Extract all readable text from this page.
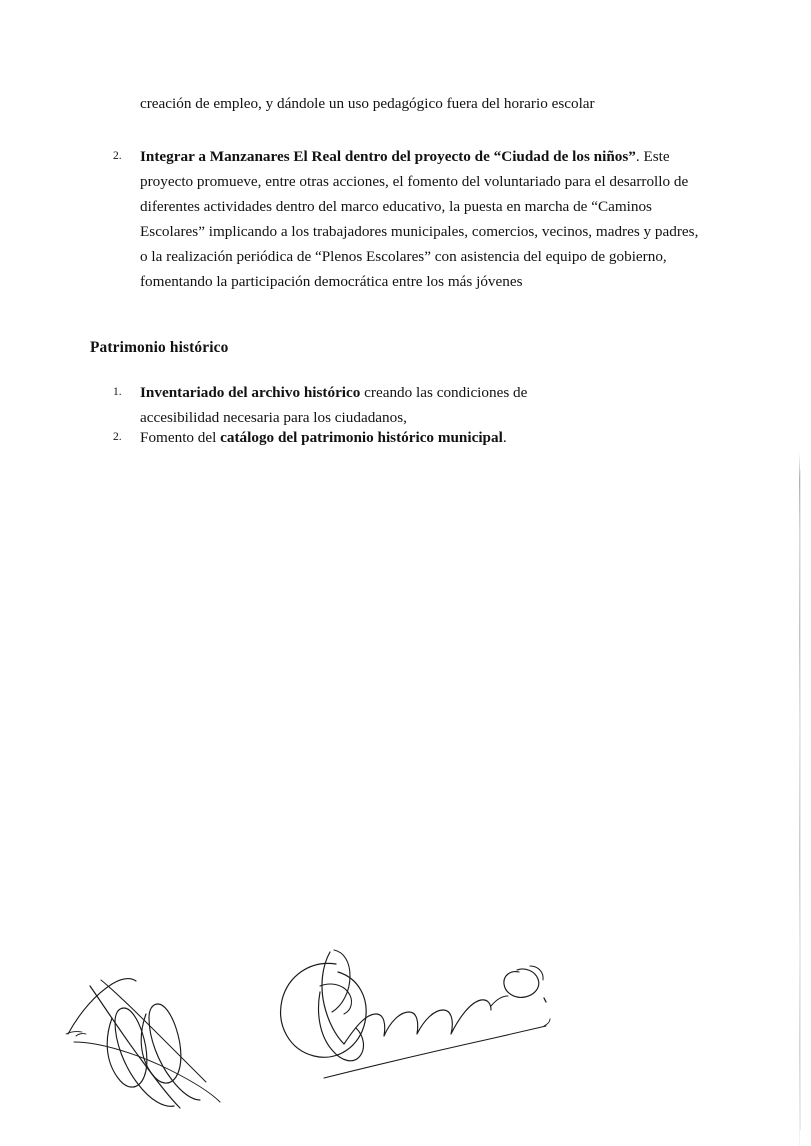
creación de empleo, y dándole un uso pedagógico fuera del horario escolar
2. Integrar a Manzanares El Real dentro del proyecto de “Ciudad de los niños”. Este proyecto promueve, entre otras acciones, el fomento del voluntariado para el desarrollo de diferentes actividades dentro del marco educativo, la puesta en marcha de “Caminos Escolares” implicando a los trabajadores municipales, comercios, vecinos, madres y padres, o la realización periódica de “Plenos Escolares” con asistencia del equipo de gobierno, fomentando la participación democrática entre los más jóvenes
Patrimonio histórico
1. Inventariado del archivo histórico creando las condiciones de
accesibilidad necesaria para los ciudadanos,
2. Fomento del catálogo del patrimonio histórico municipal.
